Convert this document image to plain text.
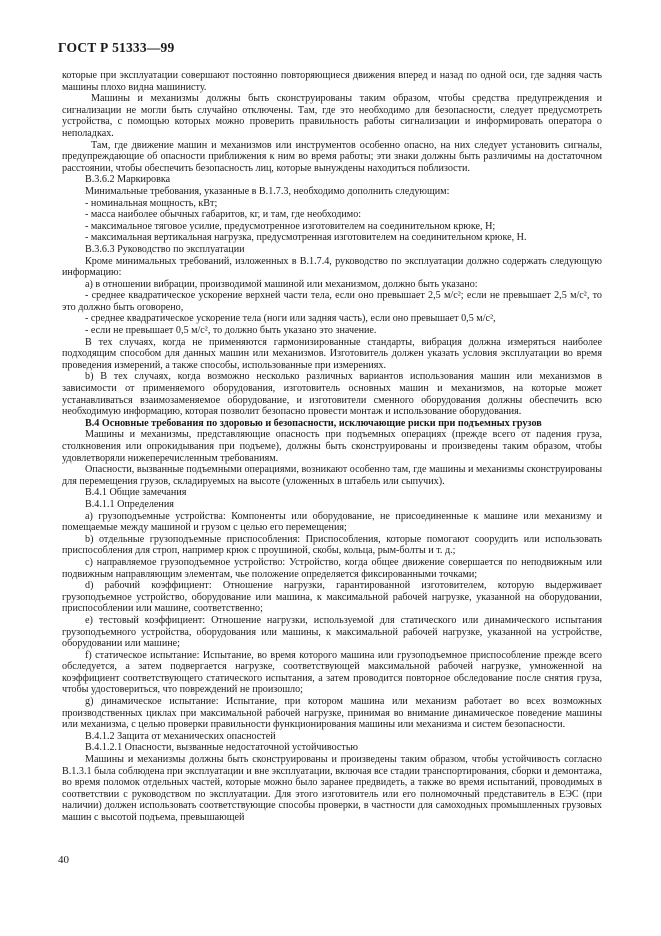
ГОСТ Р 51333—99

которые при эксплуатации совершают постоянно повторяющиеся движения вперед и назад по одной оси, где задняя часть машины плохо видна машинисту.

Машины и механизмы должны быть сконструированы таким образом, чтобы средства предупреждения и сигнализации не могли быть случайно отключены. Там, где это необходимо для безопасности, следует предусмотреть устройства, с помощью которых можно проверить правильность работы сигнализации и информировать оператора о неполадках.

Там, где движение машин и механизмов или инструментов особенно опасно, на них следует установить сигналы, предупреждающие об опасности приближения к ним во время работы; эти знаки должны быть различимы на достаточном расстоянии, чтобы обеспечить безопасность лиц, которые вынуждены находиться поблизости.

В.3.6.2 Маркировка

Минимальные требования, указанные в В.1.7.3, необходимо дополнить следующим:

- номинальная мощность, кВт;

- масса наиболее обычных габаритов, кг, и там, где необходимо:

- максимальное тяговое усилие, предусмотренное изготовителем на соединительном крюке, Н;

- максимальная вертикальная нагрузка, предусмотренная изготовителем на соединительном крюке, Н.

В.3.6.3 Руководство по эксплуатации

Кроме минимальных требований, изложенных в В.1.7.4, руководство по эксплуатации должно содержать следующую информацию:

а) в отношении вибрации, производимой машиной или механизмом, должно быть указано:

- среднее квадратическое ускорение верхней части тела, если оно превышает 2,5 м/с²; если не превышает 2,5 м/с², то это должно быть оговорено,

- среднее квадратическое ускорение тела (ноги или задняя часть), если оно превышает 0,5 м/с²,

- если не превышает 0,5 м/с², то должно быть указано это значение.

В тех случаях, когда не применяются гармонизированные стандарты, вибрация должна измеряться наиболее подходящим способом для данных машин или механизмов. Изготовитель должен указать условия эксплуатации во время проведения измерений, а также способы, использованные при измерениях.

b) В тех случаях, когда возможно несколько различных вариантов использования машин или механизмов в зависимости от применяемого оборудования, изготовитель основных машин и механизмов, на которые может устанавливаться взаимозаменяемое оборудование, и изготовители сменного оборудования должны обеспечить всю необходимую информацию, которая позволит безопасно провести монтаж и использование оборудования.

В.4 Основные требования по здоровью и безопасности, исключающие риски при подъемных грузов

Машины и механизмы, представляющие опасность при подъемных операциях (прежде всего от падения груза, столкновения или опрокидывания при подъеме), должны быть сконструированы и произведены таким образом, чтобы удовлетворяли нижеперечисленным требованиям.

Опасности, вызванные подъемными операциями, возникают особенно там, где машины и механизмы сконструированы для перемещения грузов, складируемых на высоте (уложенных в штабель или сыпучих).

В.4.1 Общие замечания

В.4.1.1 Определения

а) грузоподъемные устройства: Компоненты или оборудование, не присоединенные к машине или механизму и помещаемые между машиной и грузом с целью его перемещения;

b) отдельные грузоподъемные приспособления: Приспособления, которые помогают соорудить или использовать приспособления для строп, например крюк с проушиной, скобы, кольца, рым-болты и т. д.;

с) направляемое грузоподъемное устройство: Устройство, когда общее движение совершается по неподвижным или подвижным направляющим элементам, чье положение определяется фиксированными точками;

d) рабочий коэффициент: Отношение нагрузки, гарантированной изготовителем, которую выдерживает грузоподъемное устройство, оборудование или машина, к максимальной рабочей нагрузке, указанной на оборудовании, приспособлении или машине, соответственно;

е) тестовый коэффициент: Отношение нагрузки, используемой для статического или динамического испытания грузоподъемного устройства, оборудования или машины, к максимальной рабочей нагрузке, указанной на устройстве, оборудовании или машине;

f) статическое испытание: Испытание, во время которого машина или грузоподъемное приспособление прежде всего обследуется, а затем подвергается нагрузке, соответствующей максимальной рабочей нагрузке, умноженной на коэффициент соответствующего статического испытания, а затем проводится повторное обследование после снятия груза, чтобы удостовериться, что повреждений не произошло;

g) динамическое испытание: Испытание, при котором машина или механизм работает во всех возможных производственных циклах при максимальной рабочей нагрузке, принимая во внимание динамическое поведение машины или механизма, с целью проверки правильности функционирования машины или механизма и систем безопасности.

В.4.1.2 Защита от механических опасностей

В.4.1.2.1 Опасности, вызванные недостаточной устойчивостью

Машины и механизмы должны быть сконструированы и произведены таким образом, чтобы устойчивость согласно В.1.3.1 была соблюдена при эксплуатации и вне эксплуатации, включая все стадии транспортирования, сборки и демонтажа, во время поломок отдельных частей, которые можно было заранее предвидеть, а также во время испытаний, проводимых в соответствии с руководством по эксплуатации. Для этого изготовитель или его полномочный представитель в ЕЭС (при наличии) должен использовать соответствующие способы проверки, в частности для самоходных промышленных грузовых машин с высотой подъема, превышающей

40
